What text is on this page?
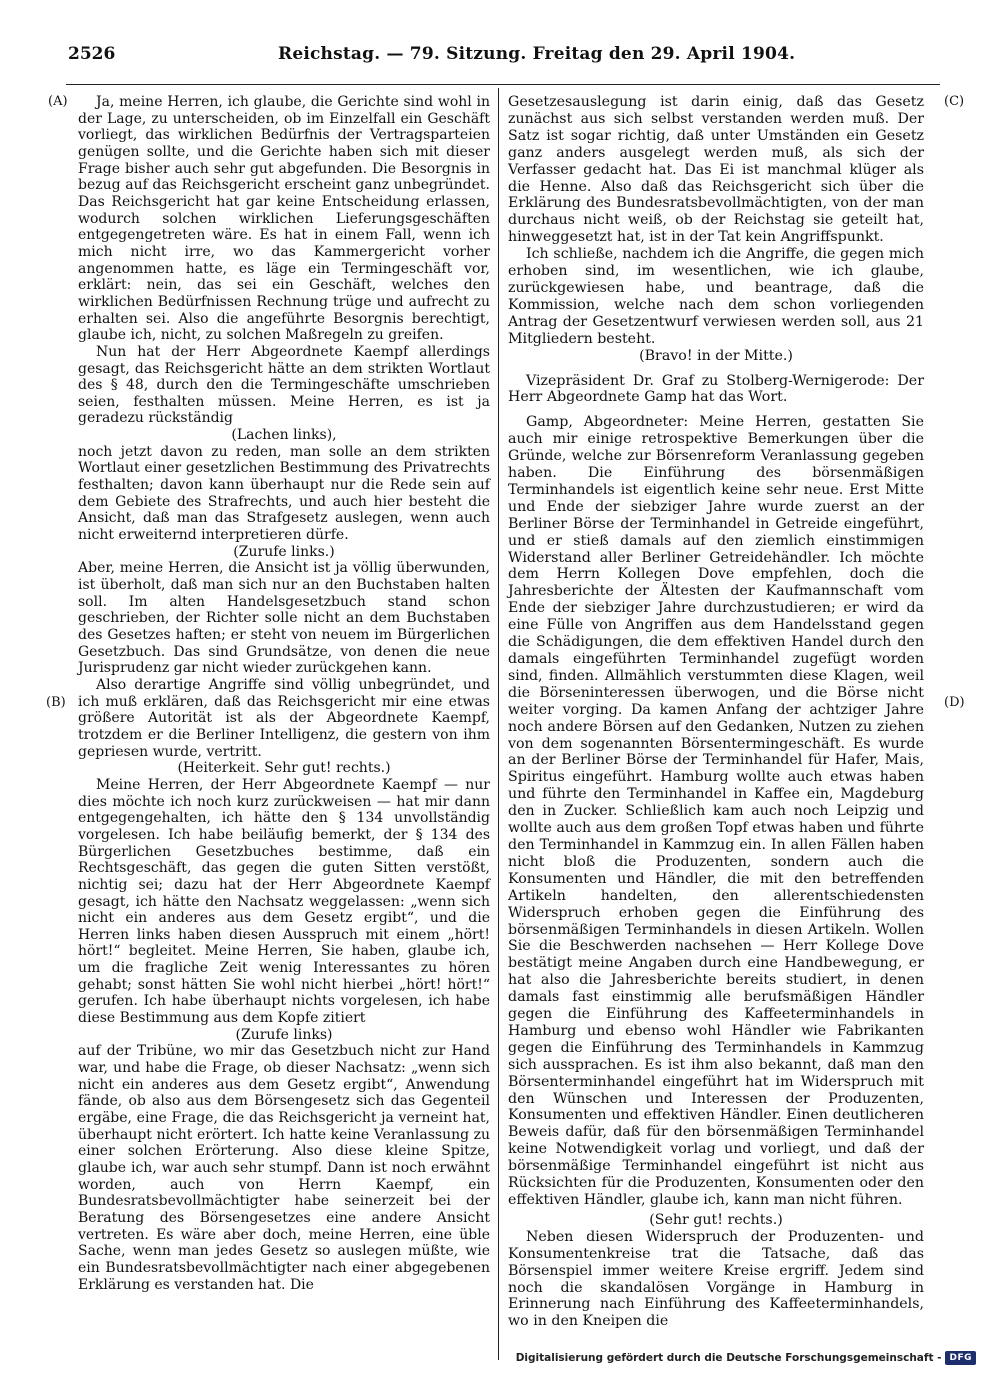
2526	Reichstag. — 79. Sitzung. Freitag den 29. April 1904.
(A)
(B)
(C)
(D)

Ja, meine Herren, ich glaube, die Gerichte sind wohl in der Lage, zu unterscheiden, ob im Einzelfall ein Geschäft vorliegt, das wirklichen Bedürfnis der Vertragsparteien genügen sollte, und die Gerichte haben sich mit dieser Frage bisher auch sehr gut abgefunden. Die Besorgnis in bezug auf das Reichsgericht erscheint ganz unbegründet. Das Reichsgericht hat gar keine Entscheidung erlassen, wodurch solchen wirklichen Lieferungsgeschäften entgegengetreten wäre. Es hat in einem Fall, wenn ich mich nicht irre, wo das Kammergericht vorher angenommen hatte, es läge ein Termingeschäft vor, erklärt: nein, das sei ein Geschäft, welches den wirklichen Bedürfnissen Rechnung trüge und aufrecht zu erhalten sei. Also die angeführte Besorgnis berechtigt, glaube ich, nicht, zu solchen Maßregeln zu greifen.

Nun hat der Herr Abgeordnete Kaempf allerdings gesagt, das Reichsgericht hätte an dem strikten Wortlaut des § 48, durch den die Termingeschäfte umschrieben seien, festhalten müssen. Meine Herren, es ist ja geradezu rückständig

(Lachen links),

noch jetzt davon zu reden, man solle an dem strikten Wortlaut einer gesetzlichen Bestimmung des Privatrechts festhalten; davon kann überhaupt nur die Rede sein auf dem Gebiete des Strafrechts, und auch hier besteht die Ansicht, daß man das Strafgesetz auslegen, wenn auch nicht erweiternd interpretieren dürfe.

(Zurufe links.)

Aber, meine Herren, die Ansicht ist ja völlig überwunden, ist überholt, daß man sich nur an den Buchstaben halten soll. Im alten Handelsgesetzbuch stand schon geschrieben, der Richter solle nicht an dem Buchstaben des Gesetzes haften; er steht von neuem im Bürgerlichen Gesetzbuch. Das sind Grundsätze, von denen die neue Jurisprudenz gar nicht wieder zurückgehen kann.

Also derartige Angriffe sind völlig unbegründet, und ich muß erklären, daß das Reichsgericht mir eine etwas größere Autorität ist als der Abgeordnete Kaempf, trotzdem er die Berliner Intelligenz, die gestern von ihm gepriesen wurde, vertritt.

(Heiterkeit. Sehr gut! rechts.)

Meine Herren, der Herr Abgeordnete Kaempf — nur dies möchte ich noch kurz zurückweisen — hat mir dann entgegengehalten, ich hätte den § 134 unvollständig vorgelesen. Ich habe beiläufig bemerkt, der § 134 des Bürgerlichen Gesetzbuches bestimme, daß ein Rechtsgeschäft, das gegen die guten Sitten verstößt, nichtig sei; dazu hat der Herr Abgeordnete Kaempf gesagt, ich hätte den Nachsatz weggelassen: „wenn sich nicht ein anderes aus dem Gesetz ergibt“, und die Herren links haben diesen Ausspruch mit einem „hört! hört!“ begleitet. Meine Herren, Sie haben, glaube ich, um die fragliche Zeit wenig Interessantes zu hören gehabt; sonst hätten Sie wohl nicht hierbei „hört! hört!“ gerufen. Ich habe überhaupt nichts vorgelesen, ich habe diese Bestimmung aus dem Kopfe zitiert

(Zurufe links)

auf der Tribüne, wo mir das Gesetzbuch nicht zur Hand war, und habe die Frage, ob dieser Nachsatz: „wenn sich nicht ein anderes aus dem Gesetz ergibt“, Anwendung fände, ob also aus dem Börsengesetz sich das Gegenteil ergäbe, eine Frage, die das Reichsgericht ja verneint hat, überhaupt nicht erörtert. Ich hatte keine Veranlassung zu einer solchen Erörterung. Also diese kleine Spitze, glaube ich, war auch sehr stumpf. Dann ist noch erwähnt worden, auch von Herrn Kaempf, ein Bundesratsbevollmächtigter habe seinerzeit bei der Beratung des Börsengesetzes eine andere Ansicht vertreten. Es wäre aber doch, meine Herren, eine üble Sache, wenn man jedes Gesetz so auslegen müßte, wie ein Bundesratsbevollmächtigter nach einer abgegebenen Erklärung es verstanden hat. Die

Gesetzesauslegung ist darin einig, daß das Gesetz zunächst aus sich selbst verstanden werden muß. Der Satz ist sogar richtig, daß unter Umständen ein Gesetz ganz anders ausgelegt werden muß, als sich der Verfasser gedacht hat. Das Ei ist manchmal klüger als die Henne. Also daß das Reichsgericht sich über die Erklärung des Bundesratsbevollmächtigten, von der man durchaus nicht weiß, ob der Reichstag sie geteilt hat, hinweggesetzt hat, ist in der Tat kein Angriffspunkt.

Ich schließe, nachdem ich die Angriffe, die gegen mich erhoben sind, im wesentlichen, wie ich glaube, zurückgewiesen habe, und beantrage, daß die Kommission, welche nach dem schon vorliegenden Antrag der Gesetzentwurf verwiesen werden soll, aus 21 Mitgliedern besteht.

(Bravo! in der Mitte.)

Vizepräsident Dr. Graf zu Stolberg-Wernigerode: Der Herr Abgeordnete Gamp hat das Wort.

Gamp, Abgeordneter: Meine Herren, gestatten Sie auch mir einige retrospektive Bemerkungen über die Gründe, welche zur Börsenreform Veranlassung gegeben haben. Die Einführung des börsenmäßigen Terminhandels ist eigentlich keine sehr neue. Erst Mitte und Ende der siebziger Jahre wurde zuerst an der Berliner Börse der Terminhandel in Getreide eingeführt, und er stieß damals auf den ziemlich einstimmigen Widerstand aller Berliner Getreidehändler. Ich möchte dem Herrn Kollegen Dove empfehlen, doch die Jahresberichte der Ältesten der Kaufmannschaft vom Ende der siebziger Jahre durchzustudieren; er wird da eine Fülle von Angriffen aus dem Handelsstand gegen die Schädigungen, die dem effektiven Handel durch den damals eingeführten Terminhandel zugefügt worden sind, finden. Allmählich verstummten diese Klagen, weil die Börseninteressen überwogen, und die Börse nicht weiter vorging. Da kamen Anfang der achtziger Jahre noch andere Börsen auf den Gedanken, Nutzen zu ziehen von dem sogenannten Börsentermingeschäft. Es wurde an der Berliner Börse der Terminhandel für Hafer, Mais, Spiritus eingeführt. Hamburg wollte auch etwas haben und führte den Terminhandel in Kaffee ein, Magdeburg den in Zucker. Schließlich kam auch noch Leipzig und wollte auch aus dem großen Topf etwas haben und führte den Terminhandel in Kammzug ein. In allen Fällen haben nicht bloß die Produzenten, sondern auch die Konsumenten und Händler, die mit den betreffenden Artikeln handelten, den allerentschiedensten Widerspruch erhoben gegen die Einführung des börsenmäßigen Terminhandels in diesen Artikeln. Wollen Sie die Beschwerden nachsehen — Herr Kollege Dove bestätigt meine Angaben durch eine Handbewegung, er hat also die Jahresberichte bereits studiert, in denen damals fast einstimmig alle berufsmäßigen Händler gegen die Einführung des Kaffeeterminhandels in Hamburg und ebenso wohl Händler wie Fabrikanten gegen die Einführung des Terminhandels in Kammzug sich aussprachen. Es ist ihm also bekannt, daß man den Börsenterminhandel eingeführt hat im Widerspruch mit den Wünschen und Interessen der Produzenten, Konsumenten und effektiven Händler. Einen deutlicheren Beweis dafür, daß für den börsenmäßigen Terminhandel keine Notwendigkeit vorlag und vorliegt, und daß der börsenmäßige Terminhandel eingeführt ist nicht aus Rücksichten für die Produzenten, Konsumenten oder den effektiven Händler, glaube ich, kann man nicht führen.

(Sehr gut! rechts.)

Neben diesen Widerspruch der Produzenten- und Konsumentenkreise trat die Tatsache, daß das Börsenspiel immer weitere Kreise ergriff. Jedem sind noch die skandalösen Vorgänge in Hamburg in Erinnerung nach Einführung des Kaffeeterminhandels, wo in den Kneipen die

Digitalisierung gefördert durch die Deutsche Forschungsgemeinschaft - DFG
